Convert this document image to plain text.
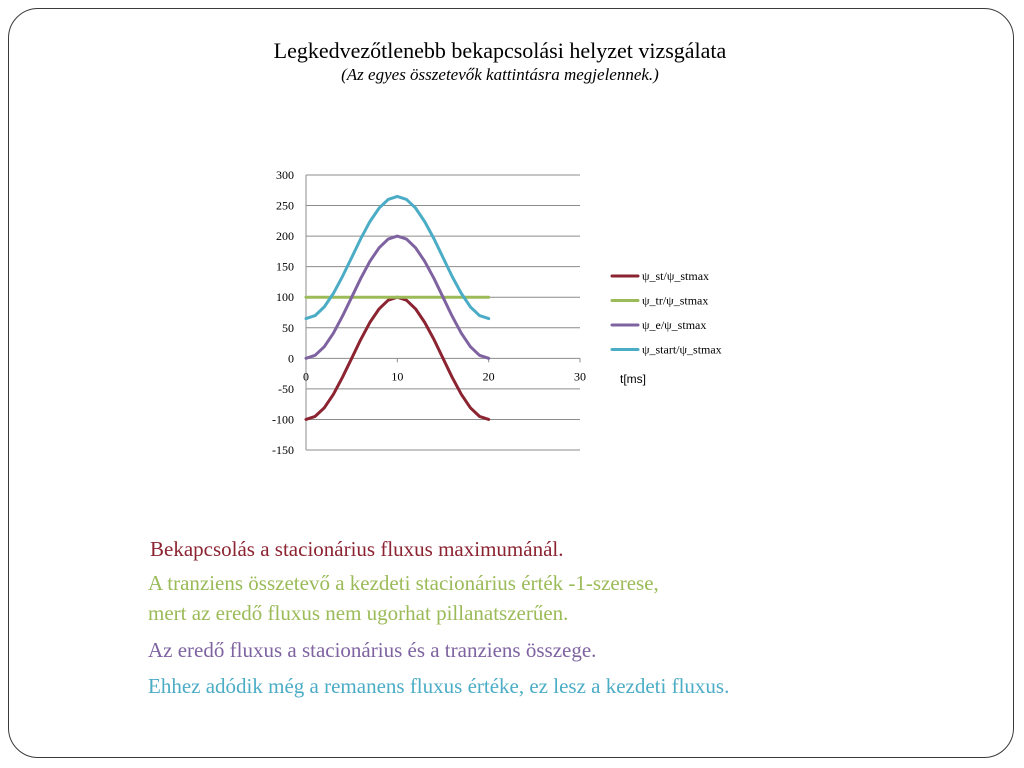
Legkedvezőtlenebb bekapcsolási helyzet vizsgálata
(Az egyes összetevők kattintásra megjelennek.)
300
250
200
150
100
50
0
-50
-100
-150
0	10	20	30
ψ_st/ψ_stmax
ψ_tr/ψ_stmax
ψ_e/ψ_stmax
ψ_start/ψ_stmax
t[ms]
Bekapcsolás a stacionárius fluxus maximumánál.
A tranziens összetevő a kezdeti stacionárius érték -1-szerese,
mert az eredő fluxus nem ugorhat pillanatszerűen.
Az eredő fluxus a stacionárius és a tranziens összege.
Ehhez adódik még a remanens fluxus értéke, ez lesz a kezdeti fluxus.
